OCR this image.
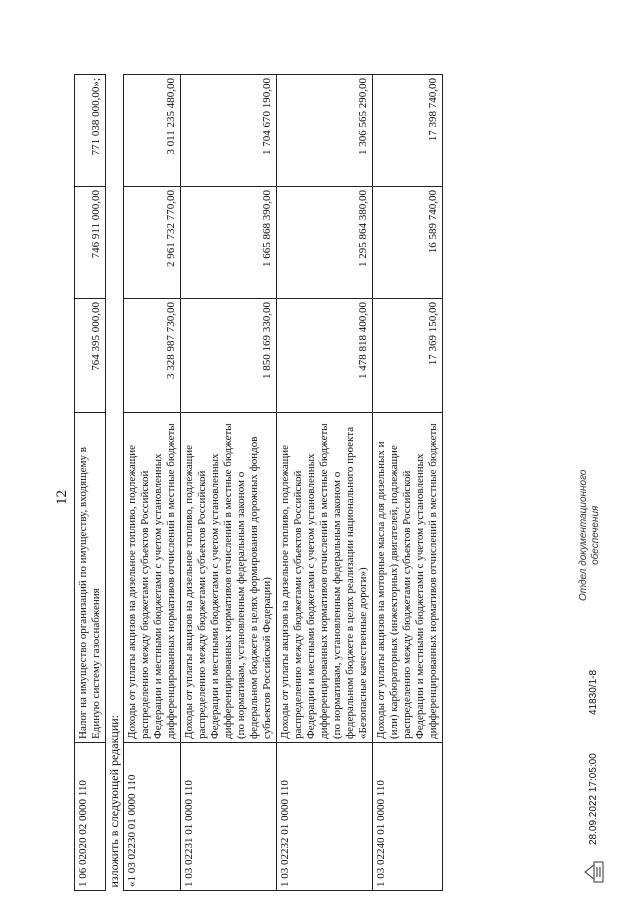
12
1 06 02020 02 0000 110	Налог на имущество организаций по имуществу, входящему в Единую систему газоснабжения	764 395 000,00	746 911 000,00	771 038 000,00»;
изложить в следующей редакции:				
«1 03 02230 01 0000 110	Доходы от уплаты акцизов на дизельное топливо, подлежащие распределению между бюджетами субъектов Российской Федерации и местными бюджетами с учетом установленных дифференцированных нормативов отчислений в местные бюджеты	3 328 987 730,00	2 961 732 770,00	3 011 235 480,00
1 03 02231 01 0000 110	Доходы от уплаты акцизов на дизельное топливо, подлежащие распределению между бюджетами субъектов Российской Федерации и местными бюджетами с учетом установленных дифференцированных нормативов отчислений в местные бюджеты (по нормативам, установленным федеральным законом о федеральном бюджете в целях формирования дорожных фондов субъектов Российской Федерации)	1 850 169 330,00	1 665 868 390,00	1 704 670 190,00
1 03 02232 01 0000 110	Доходы от уплаты акцизов на дизельное топливо, подлежащие распределению между бюджетами субъектов Российской Федерации и местными бюджетами с учетом установленных дифференцированных нормативов отчислений в местные бюджеты (по нормативам, установленным федеральным законом о федеральном бюджете в целях реализации национального проекта «Безопасные качественные дороги»)	1 478 818 400,00	1 295 864 380,00	1 306 565 290,00
1 03 02240 01 0000 110	Доходы от уплаты акцизов на моторные масла для дизельных и (или) карбюраторных (инжекторных) двигателей, подлежащие распределению между бюджетами субъектов Российской Федерации и местными бюджетами с учетом установленных дифференцированных нормативов отчислений в местные бюджеты	17 369 150,00	16 589 740,00	17 398 740,00
28.09.2022 17:05:00
41830/1-8
Отдел документационного обеспечения
